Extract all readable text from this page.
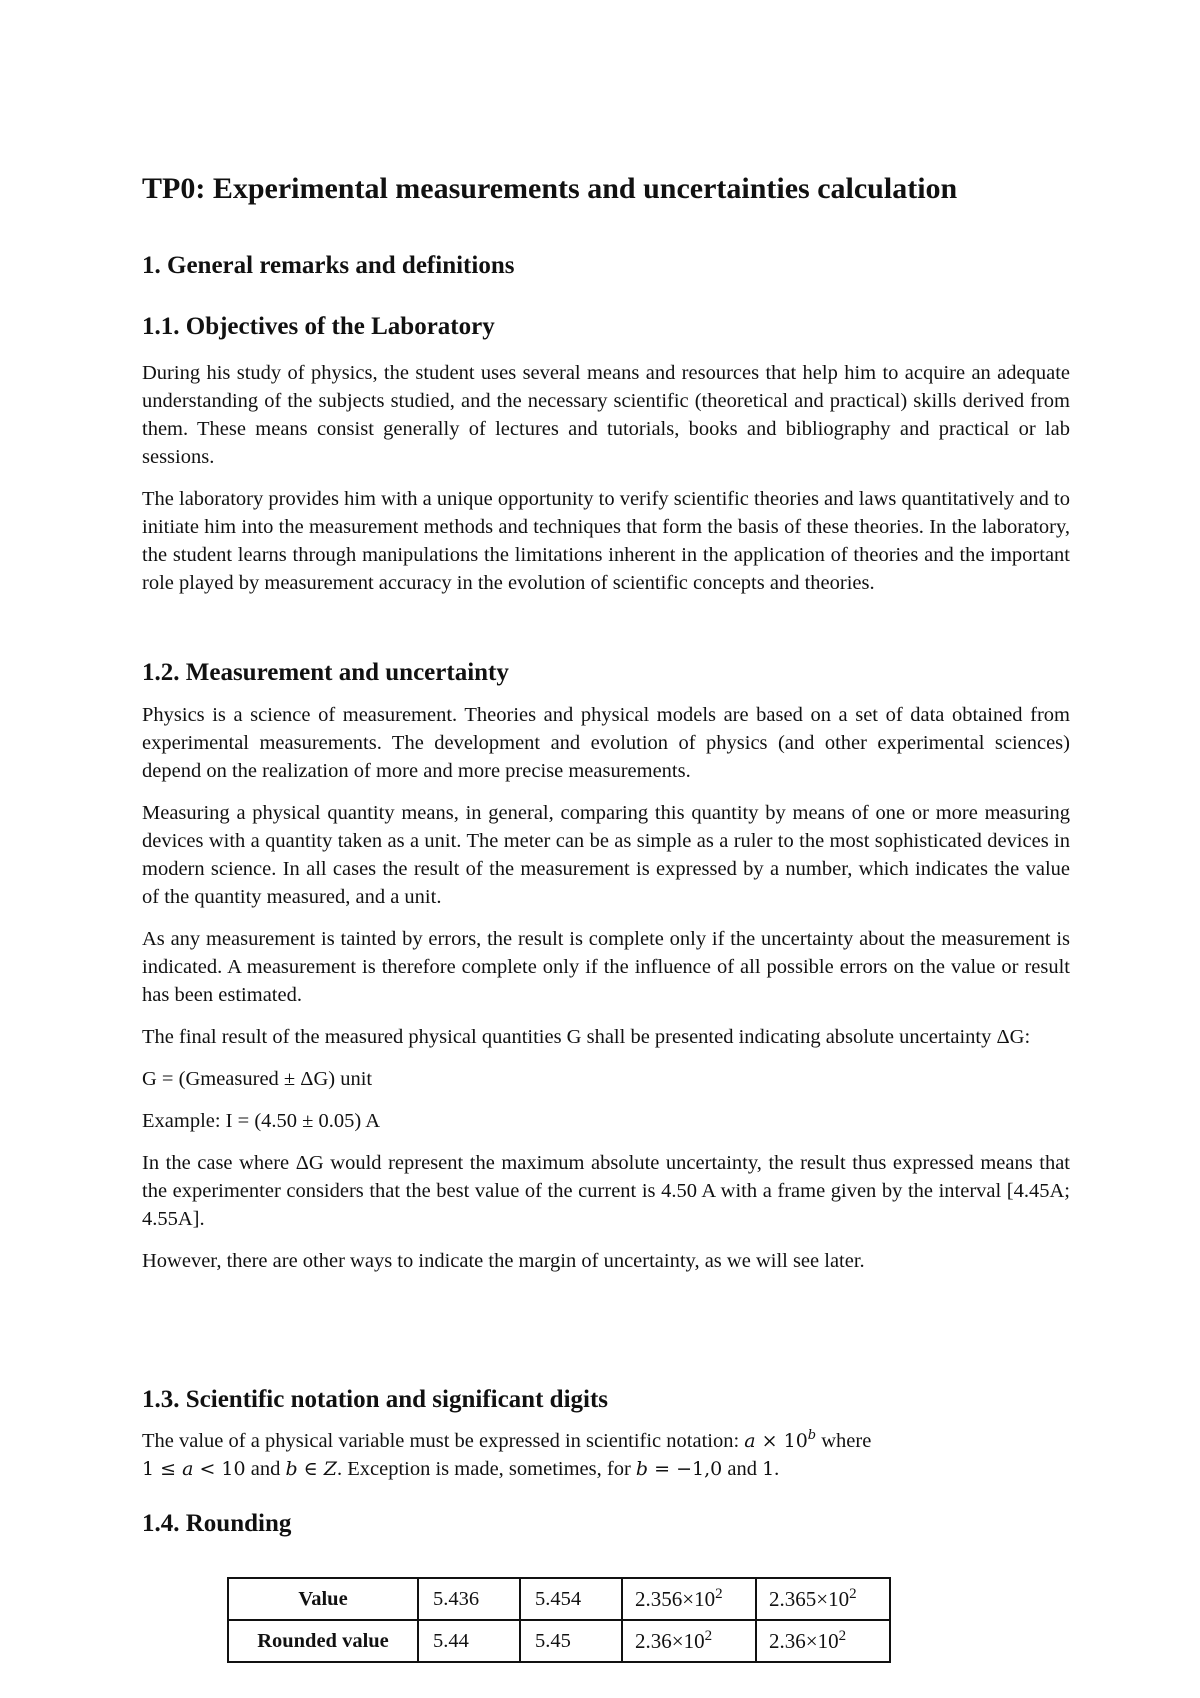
TP0: Experimental measurements and uncertainties calculation
1. General remarks and definitions
1.1. Objectives of the Laboratory

During his study of physics, the student uses several means and resources that help him to acquire an adequate understanding of the subjects studied, and the necessary scientific (theoretical and practical) skills derived from them. These means consist generally of lectures and tutorials, books and bibliography and practical or lab sessions.

The laboratory provides him with a unique opportunity to verify scientific theories and laws quantitatively and to initiate him into the measurement methods and techniques that form the basis of these theories. In the laboratory, the student learns through manipulations the limitations inherent in the application of theories and the important role played by measurement accuracy in the evolution of scientific concepts and theories.

1.2. Measurement and uncertainty

Physics is a science of measurement. Theories and physical models are based on a set of data obtained from experimental measurements. The development and evolution of physics (and other experimental sciences) depend on the realization of more and more precise measurements.

Measuring a physical quantity means, in general, comparing this quantity by means of one or more measuring devices with a quantity taken as a unit. The meter can be as simple as a ruler to the most sophisticated devices in modern science. In all cases the result of the measurement is expressed by a number, which indicates the value of the quantity measured, and a unit.

As any measurement is tainted by errors, the result is complete only if the uncertainty about the measurement is indicated. A measurement is therefore complete only if the influence of all possible errors on the value or result has been estimated.

The final result of the measured physical quantities G shall be presented indicating absolute uncertainty ΔG:

G = (Gmeasured ± ΔG) unit

Example: I = (4.50 ± 0.05) A

In the case where ΔG would represent the maximum absolute uncertainty, the result thus expressed means that the experimenter considers that the best value of the current is 4.50 A with a frame given by the interval [4.45A; 4.55A].

However, there are other ways to indicate the margin of uncertainty, as we will see later.

1.3. Scientific notation and significant digits

The value of a physical variable must be expressed in scientific notation: $a \times 10^b$ where

1 ≤ a < 10 and b ∈ Z. Exception is made, sometimes, for b = −1,0 and 1.

1.4. Rounding
Value	5.436	5.454	$2.356\times 10^2$	$2.365\times 10^2$
Rounded value	5.44	5.45	$2.36\times 10^2$	$2.36\times 10^2$
